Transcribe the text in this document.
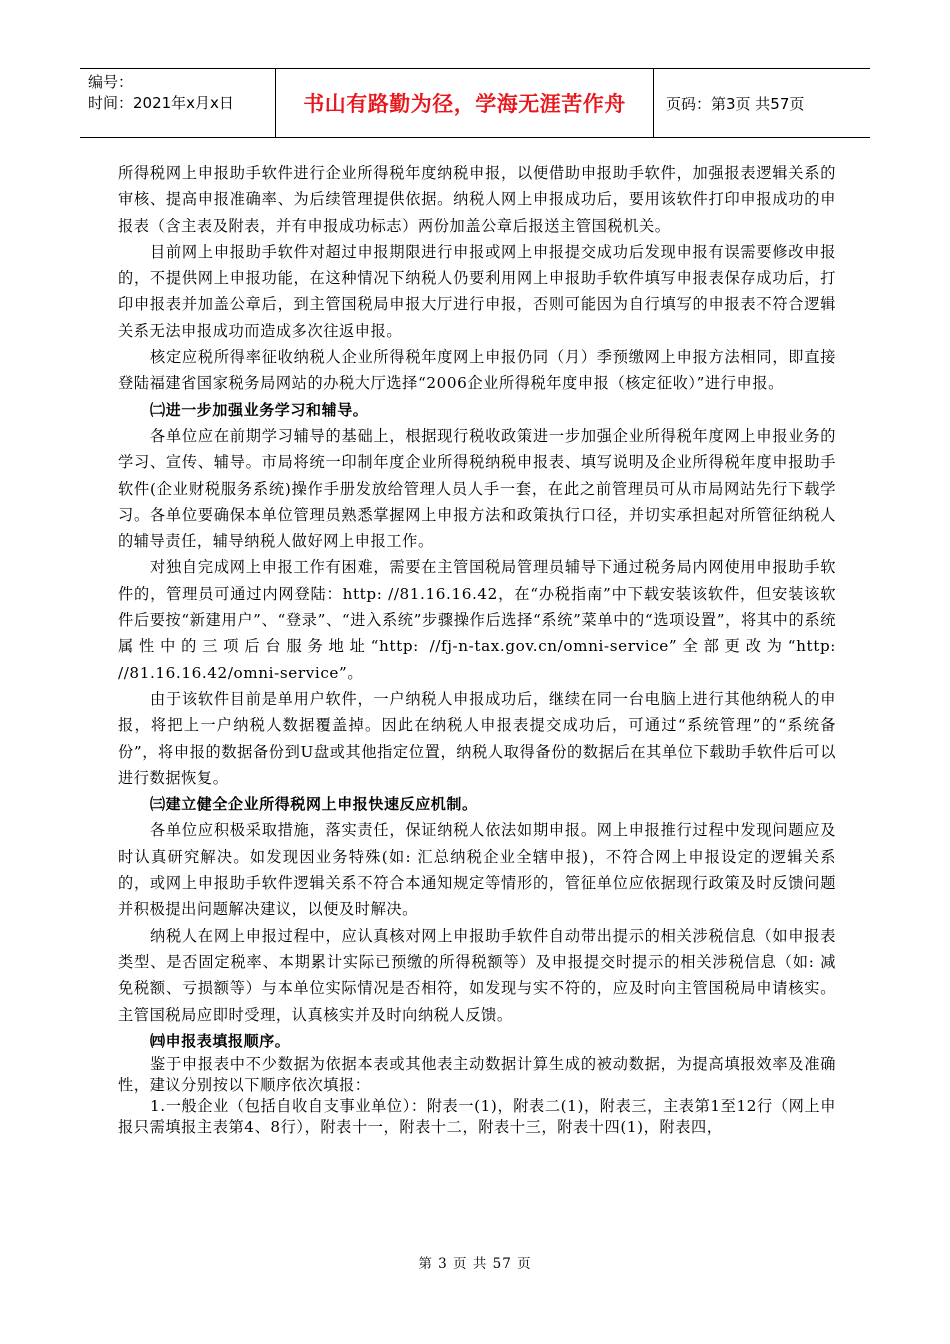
编号：
时间：2021年x月x日	书山有路勤为径，学海无涯苦作舟	页码：第3页 共57页

所得税网上申报助手软件进行企业所得税年度纳税申报，以便借助申报助手软件，加强报表逻辑关系的审核、提高申报准确率、为后续管理提供依据。纳税人网上申报成功后，要用该软件打印申报成功的申报表（含主表及附表，并有申报成功标志）两份加盖公章后报送主管国税机关。

目前网上申报助手软件对超过申报期限进行申报或网上申报提交成功后发现申报有误需要修改申报的，不提供网上申报功能，在这种情况下纳税人仍要利用网上申报助手软件填写申报表保存成功后，打印申报表并加盖公章后，到主管国税局申报大厅进行申报，否则可能因为自行填写的申报表不符合逻辑关系无法申报成功而造成多次往返申报。

核定应税所得率征收纳税人企业所得税年度网上申报仍同（月）季预缴网上申报方法相同，即直接登陆福建省国家税务局网站的办税大厅选择“2006企业所得税年度申报（核定征收）”进行申报。

㈡进一步加强业务学习和辅导。

各单位应在前期学习辅导的基础上，根据现行税收政策进一步加强企业所得税年度网上申报业务的学习、宣传、辅导。市局将统一印制年度企业所得税纳税申报表、填写说明及企业所得税年度申报助手软件(企业财税服务系统)操作手册发放给管理人员人手一套，在此之前管理员可从市局网站先行下载学习。各单位要确保本单位管理员熟悉掌握网上申报方法和政策执行口径，并切实承担起对所管征纳税人的辅导责任，辅导纳税人做好网上申报工作。

对独自完成网上申报工作有困难，需要在主管国税局管理员辅导下通过税务局内网使用申报助手软件的，管理员可通过内网登陆：http: //81.16.16.42，在“办税指南”中下载安装该软件，但安装该软件后要按“新建用户”、“登录”、“进入系统”步骤操作后选择“系统”菜单中的“选项设置”，将其中的系统属性中的三项后台服务地址“http: //fj-n-tax.gov.cn/omni-service”全部更改为“http: //81.16.16.42/omni-service”。

由于该软件目前是单用户软件，一户纳税人申报成功后，继续在同一台电脑上进行其他纳税人的申报，将把上一户纳税人数据覆盖掉。因此在纳税人申报表提交成功后，可通过“系统管理”的“系统备份”，将申报的数据备份到U盘或其他指定位置，纳税人取得备份的数据后在其单位下载助手软件后可以进行数据恢复。

㈢建立健全企业所得税网上申报快速反应机制。

各单位应积极采取措施，落实责任，保证纳税人依法如期申报。网上申报推行过程中发现问题应及时认真研究解决。如发现因业务特殊(如: 汇总纳税企业全辖申报)，不符合网上申报设定的逻辑关系的，或网上申报助手软件逻辑关系不符合本通知规定等情形的，管征单位应依据现行政策及时反馈问题并积极提出问题解决建议，以便及时解决。

纳税人在网上申报过程中，应认真核对网上申报助手软件自动带出提示的相关涉税信息（如申报表类型、是否固定税率、本期累计实际已预缴的所得税额等）及申报提交时提示的相关涉税信息（如: 减免税额、亏损额等）与本单位实际情况是否相符，如发现与实不符的，应及时向主管国税局申请核实。主管国税局应即时受理，认真核实并及时向纳税人反馈。

㈣申报表填报顺序。

鉴于申报表中不少数据为依据本表或其他表主动数据计算生成的被动数据，为提高填报效率及准确性，建议分别按以下顺序依次填报：

1.一般企业（包括自收自支事业单位）：附表一(1)，附表二(1)，附表三，主表第1至12行（网上申报只需填报主表第4、8行），附表十一，附表十二，附表十三，附表十四(1)，附表四，

第 3 页 共 57 页
